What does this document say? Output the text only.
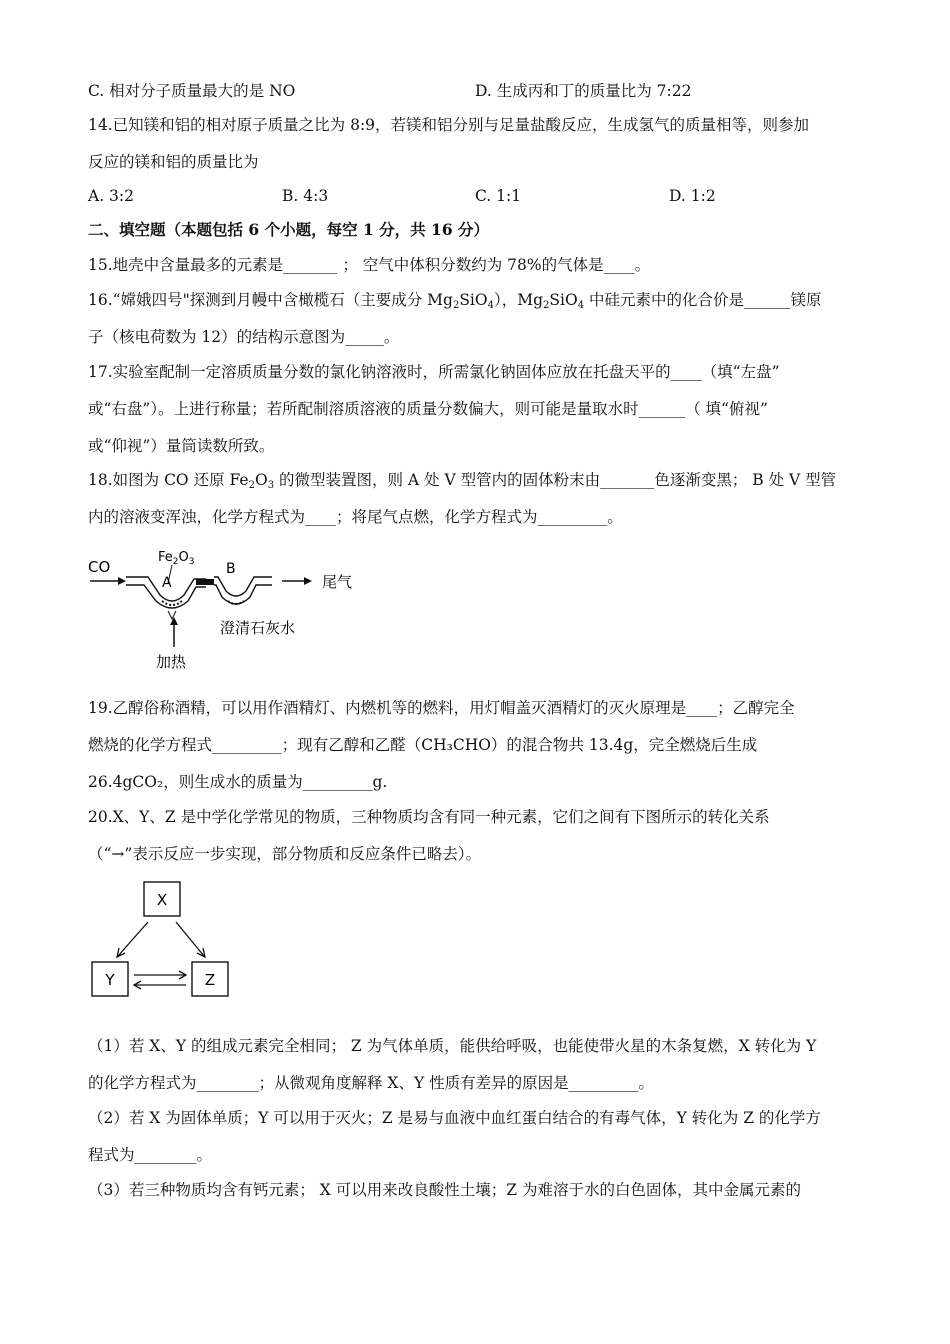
C. 相对分子质量最大的是 NO	D. 生成丙和丁的质量比为 7:22
14.已知镁和铝的相对原子质量之比为 8:9，若镁和铝分别与足量盐酸反应，生成氢气的质量相等，则参加
反应的镁和铝的质量比为
A. 3:2	B. 4:3	C. 1:1	D. 1:2
二、填空题（本题包括 6 个小题，每空 1 分，共 16 分）
15.地壳中含量最多的元素是_______ ； 空气中体积分数约为 78%的气体是____。
16.“嫦娥四号"探测到月幔中含橄榄石（主要成分 $Mg_2SiO_4$），$Mg_2SiO_4$ 中硅元素中的化合价是______镁原
子（核电荷数为 12）的结构示意图为_____。
17.实验室配制一定溶质质量分数的氯化钠溶液时，所需氯化钠固体应放在托盘天平的____（填“左盘”
或“右盘”）。上进行称量；若所配制溶质溶液的质量分数偏大，则可能是量取水时______（ 填“俯视”
或“仰视”）量筒读数所致。
18.如图为 CO 还原 $Fe_2O_3$ 的微型装置图，则 A 处 V 型管内的固体粉末由_______色逐渐变黑； B 处 V 型管
内的溶液变浑浊，化学方程式为____；将尾气点燃，化学方程式为_________。
CO
$Fe_2O_3$
A
B
尾气
澄清石灰水
加热
19.乙醇俗称酒精，可以用作酒精灯、内燃机等的燃料，用灯帽盖灭酒精灯的灭火原理是____；乙醇完全
燃烧的化学方程式_________；现有乙醇和乙醛（CH₃CHO）的混合物共 13.4g，完全燃烧后生成
26.4gCO₂，则生成水的质量为_________g.
20.X、Y、Z 是中学化学常见的物质，三种物质均含有同一种元素，它们之间有下图所示的转化关系
（“→”表示反应一步实现，部分物质和反应条件已略去）。
X
Y	Z
（1）若 X、Y 的组成元素完全相同； Z 为气体单质，能供给呼吸，也能使带火星的木条复燃，X 转化为 Y
的化学方程式为________；从微观角度解释 X、Y 性质有差异的原因是_________。
（2）若 X 为固体单质；Y 可以用于灭火；Z 是易与血液中血红蛋白结合的有毒气体，Y 转化为 Z 的化学方
程式为________。
（3）若三种物质均含有钙元素； X 可以用来改良酸性土壤；Z 为难溶于水的白色固体，其中金属元素的
